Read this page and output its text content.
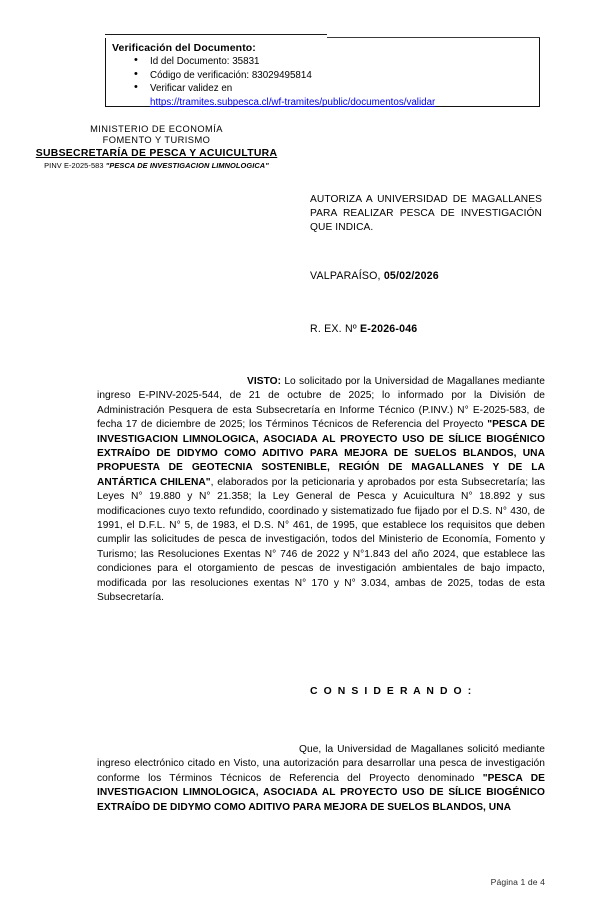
Verificación del Documento:
• Id del Documento: 35831
• Código de verificación: 83029495814
• Verificar validez en
https://tramites.subpesca.cl/wf-tramites/public/documentos/validar
MINISTERIO DE ECONOMÍA
FOMENTO Y TURISMO
SUBSECRETARÍA DE PESCA Y ACUICULTURA
PINV E-2025-583 "PESCA DE INVESTIGACION LIMNOLOGICA"
AUTORIZA A UNIVERSIDAD DE MAGALLANES PARA REALIZAR PESCA DE INVESTIGACIÓN QUE INDICA.
VALPARAÍSO, 05/02/2026
R. EX. Nº E-2026-046
VISTO: Lo solicitado por la Universidad de Magallanes mediante ingreso E-PINV-2025-544, de 21 de octubre de 2025; lo informado por la División de Administración Pesquera de esta Subsecretaría en Informe Técnico (P.INV.) N° E-2025-583, de fecha 17 de diciembre de 2025; los Términos Técnicos de Referencia del Proyecto "PESCA DE INVESTIGACION LIMNOLOGICA, ASOCIADA AL PROYECTO USO DE SÍLICE BIOGÉNICO EXTRAÍDO DE DIDYMO COMO ADITIVO PARA MEJORA DE SUELOS BLANDOS, UNA PROPUESTA DE GEOTECNIA SOSTENIBLE, REGIÓN DE MAGALLANES Y DE LA ANTÁRTICA CHILENA", elaborados por la peticionaria y aprobados por esta Subsecretaría; las Leyes N° 19.880 y N° 21.358; la Ley General de Pesca y Acuicultura N° 18.892 y sus modificaciones cuyo texto refundido, coordinado y sistematizado fue fijado por el D.S. N° 430, de 1991, el D.F.L. N° 5, de 1983, el D.S. N° 461, de 1995, que establece los requisitos que deben cumplir las solicitudes de pesca de investigación, todos del Ministerio de Economía, Fomento y Turismo; las Resoluciones Exentas N° 746 de 2022 y N°1.843 del año 2024, que establece las condiciones para el otorgamiento de pescas de investigación ambientales de bajo impacto, modificada por las resoluciones exentas N° 170 y N° 3.034, ambas de 2025, todas de esta Subsecretaría.
C O N S I D E R A N D O :
Que, la Universidad de Magallanes solicitó mediante ingreso electrónico citado en Visto, una autorización para desarrollar una pesca de investigación conforme los Términos Técnicos de Referencia del Proyecto denominado "PESCA DE INVESTIGACION LIMNOLOGICA, ASOCIADA AL PROYECTO USO DE SÍLICE BIOGÉNICO EXTRAÍDO DE DIDYMO COMO ADITIVO PARA MEJORA DE SUELOS BLANDOS, UNA
Página 1 de 4
